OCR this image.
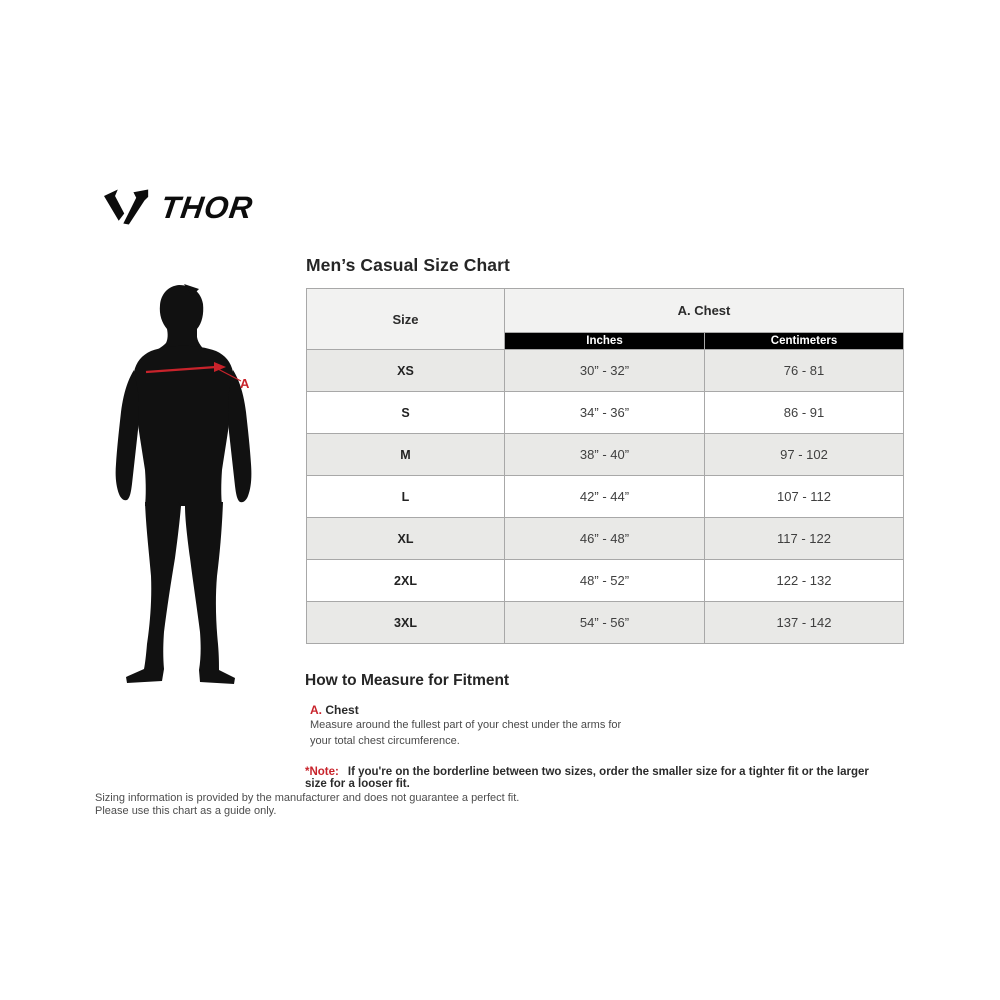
THOR
A
Men’s Casual Size Chart
Size	A. Chest	
	Inches	Centimeters
XS	30” - 32”	76 - 81
S	34” - 36”	86 - 91
M	38” - 40”	97 - 102
L	42” - 44”	107 - 112
XL	46” - 48”	117 - 122
2XL	48” - 52”	122 - 132
3XL	54” - 56”	137 - 142
How to Measure for Fitment
A. Chest

Measure around the fullest part of your chest under the arms for your total chest circumference.

*Note: If you're on the borderline between two sizes, order the smaller size for a tighter fit or the larger size for a looser fit.
Sizing information is provided by the manufacturer and does not guarantee a perfect fit.
Please use this chart as a guide only.
